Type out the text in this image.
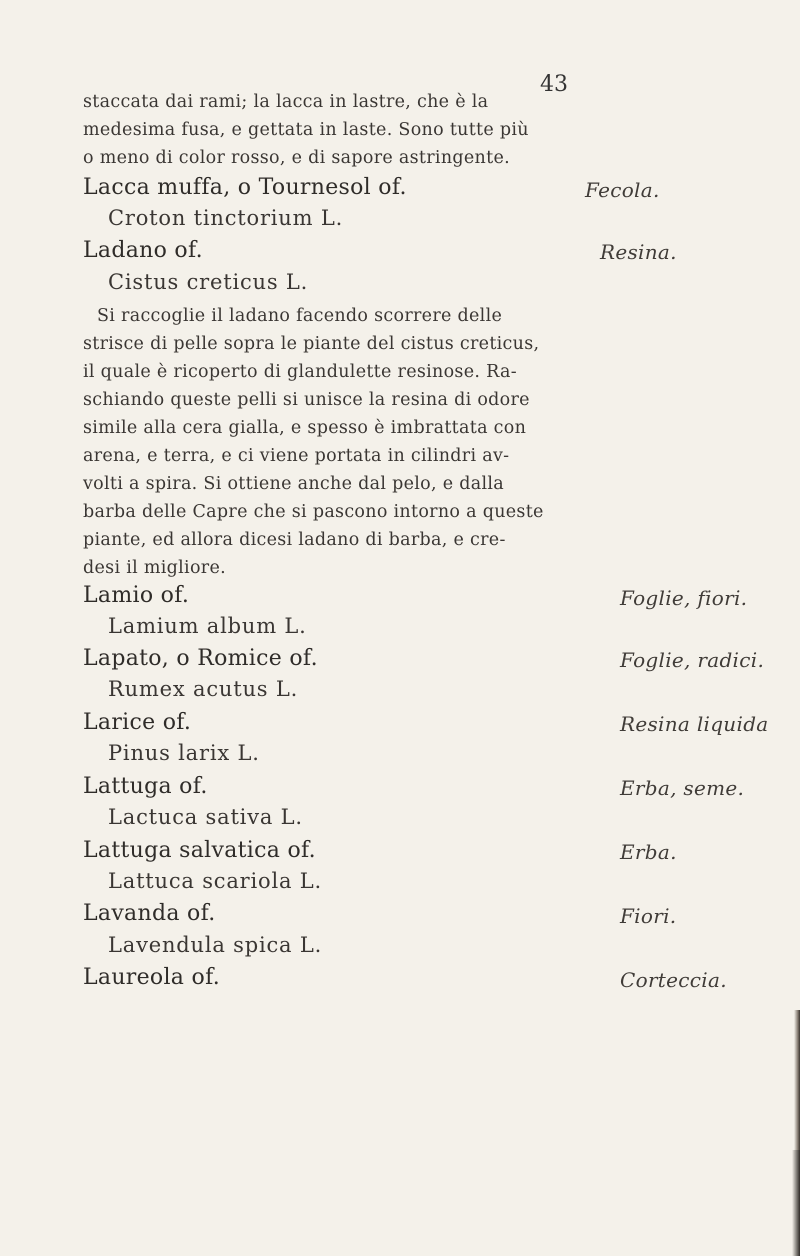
43
staccata dai rami; la lacca in lastre, che è la
medesima fusa, e gettata in laste. Sono tutte più
o meno di color rosso, e di sapore astringente.
Lacca muffa, o Tournesol of.	Fecola.
Croton tinctorium L.
Ladano of.	Resina.
Cistus creticus L.
Si raccoglie il ladano facendo scorrere delle
strisce di pelle sopra le piante del cistus creticus,
il quale è ricoperto di glandulette resinose. Ra-
schiando queste pelli si unisce la resina di odore
simile alla cera gialla, e spesso è imbrattata con
arena, e terra, e ci viene portata in cilindri av-
volti a spira. Si ottiene anche dal pelo, e dalla
barba delle Capre che si pascono intorno a queste
piante, ed allora dicesi ladano di barba, e cre-
desi il migliore.
Lamio of.	Foglie, fiori.
Lamium album L.
Lapato, o Romice of.	Foglie, radici.
Rumex acutus L.
Larice of.	Resina liquida
Pinus larix L.
Lattuga of.	Erba, seme.
Lactuca sativa L.
Lattuga salvatica of.	Erba.
Lattuca scariola L.
Lavanda of.	Fiori.
Lavendula spica L.
Laureola of.	Corteccia.
